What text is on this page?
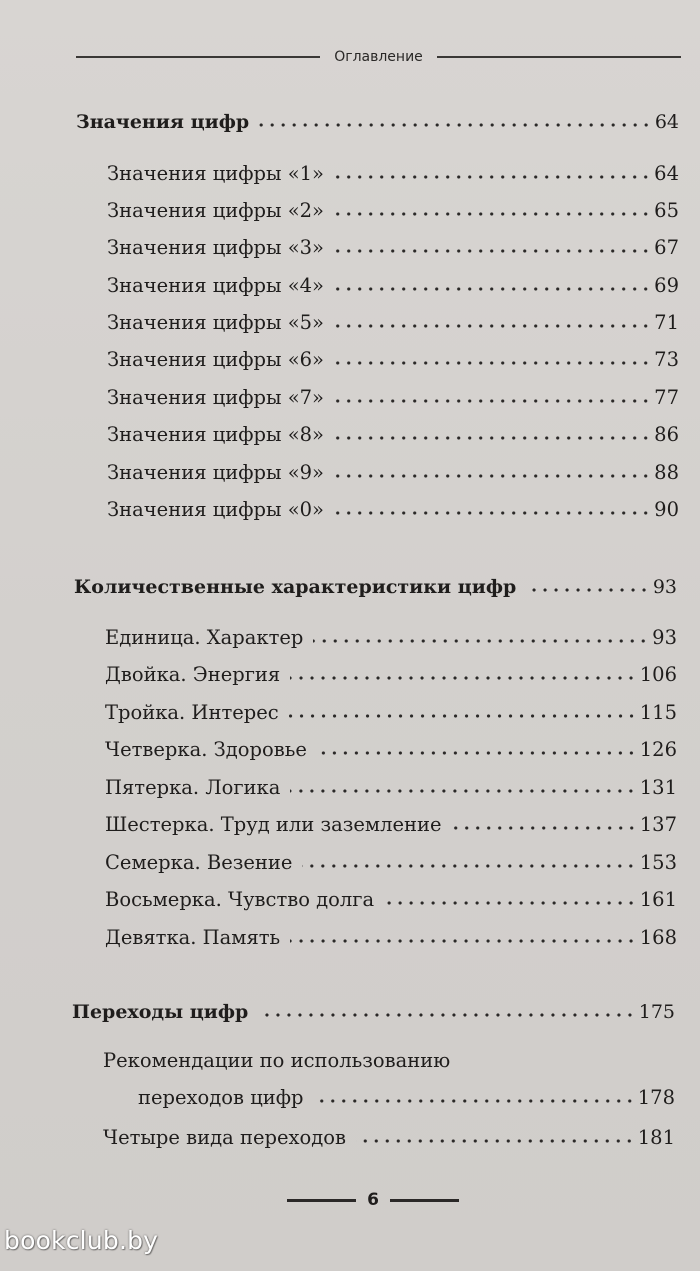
Оглавление
Значения цифр	64
Значения цифры «1»	64
Значения цифры «2»	65
Значения цифры «3»	67
Значения цифры «4»	69
Значения цифры «5»	71
Значения цифры «6»	73
Значения цифры «7»	77
Значения цифры «8»	86
Значения цифры «9»	88
Значения цифры «0»	90
Количественные характеристики цифр	93
Единица. Характер	93
Двойка. Энергия	106
Тройка. Интерес	115
Четверка. Здоровье	126
Пятерка. Логика	131
Шестерка. Труд или заземление	137
Семерка. Везение	153
Восьмерка. Чувство долга	161
Девятка. Память	168
Переходы цифр	175
Рекомендации по использованию
переходов цифр	178
Четыре вида переходов	181
6
bookclub.by
